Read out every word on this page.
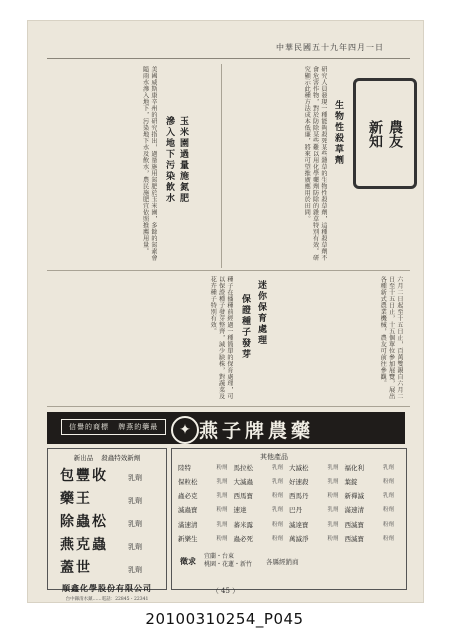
中華民國五十九年四月一日
農友
新知
生物性殺草劑
研究人員發現一種能夠殺死某些雜草的生物性殺草劑，這種殺草劑不會危害作物，對於防除某些難以用化學藥劑防除的雜草特別有效。研究顯示此種方法成本低廉，將來可望推廣應用於田間。
玉米園過量施氮肥
滲入地下污染飲水
美國威斯康辛州的研究指出，過量施用氮肥於玉米園，多餘的氮素會隨雨水滲入地下，污染地下水及飲水，農民施肥宜依照推薦用量。
迷你保育處理
保證種子發芽	六月二日起至十五日止，百萬雙親自六月二日至十五日止，十五個單位參加展覽，展出各種新式農業機械，農友可前往參觀。
種子在播種前經過一種簡單的保育處理，可以保證種子發芽整齊，減少缺株，對蔬菜及花卉種子特別有效。
信譽的商標 牌燕的藥最	✦ 燕子牌農藥
新出品 殺蟲特效新劑
包豐收	乳劑
藥王	乳劑
除蟲松	乳劑
燕克蟲	乳劑
蓋世	乳劑
順鑫化學股份有限公司
台中縣清水鎮……電話：22845・22341
其他產品
陸特	粉劑 馬拉松	乳劑 大滅松	乳劑 福化利	乳劑
保粒松	乳劑 大滅蟲	乳劑 好速殺	乳劑 葉錠	粉劑
蟲必克	乳劑 西馬寶	粉劑 西馬丹	粉劑 新禪滅	乳劑
滅蟲寶	粉劑 速達	乳劑 巴丹	乳劑 滿速清	粉劑
滿速清	乳劑 蕃米露	粉劑 滅達寶	乳劑 西滅寶	粉劑
新樂生	粉劑 蟲必死	粉劑 萬滅淨	粉劑 西滅寶	粉劑
徵求 宜蘭・台東
桃園・花蓮・新竹 各縣經銷商
（ 45 ）
20100310254_P045
